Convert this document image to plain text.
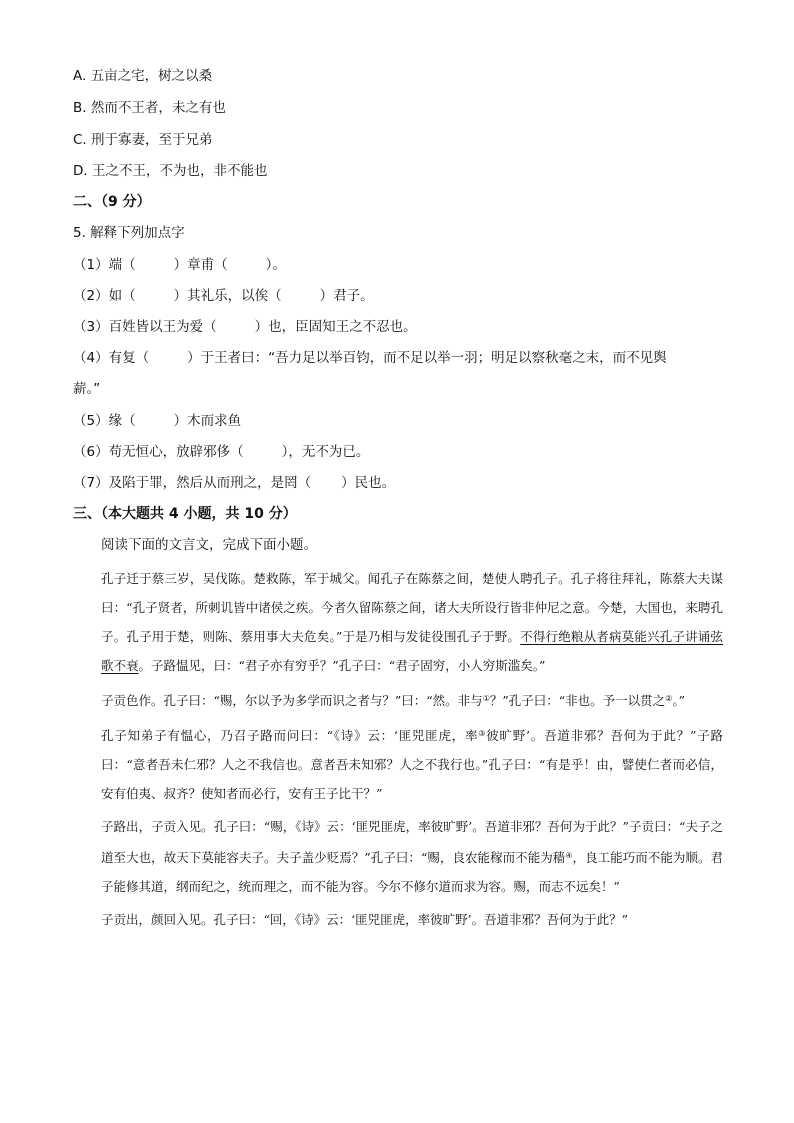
A. 五亩之宅，树之以桑
B. 然而不王者，未之有也
C. 刑于寡妻，至于兄弟
D. 王之不王，不为也，非不能也
二、（9 分）
5. 解释下列加点字
（1）端（	）章甫（	）。
（2）如（	）其礼乐，以俟（	）君子。
（3）百姓皆以王为爱（	）也，臣固知王之不忍也。
（4）有复（	）于王者曰：“吾力足以举百钧，而不足以举一羽；明足以察秋毫之末，而不见舆
薪。”
（5）缘（	）木而求鱼
（6）苟无恒心，放辟邪侈（	），无不为已。
（7）及陷于罪，然后从而刑之，是罔（ ）民也。
三、（本大题共 4 小题，共 10 分）
阅读下面的文言文，完成下面小题。
孔子迁于蔡三岁，吴伐陈。楚救陈，军于城父。闻孔子在陈蔡之间，楚使人聘孔子。孔子将往拜礼，陈蔡大夫谋曰：“孔子贤者，所刺讥皆中诸侯之疾。今者久留陈蔡之间，诸大夫所设行皆非仲尼之意。今楚，大国也，来聘孔子。孔子用于楚，则陈、蔡用事大夫危矣。”于是乃相与发徒役围孔子于野。不得行绝粮从者病莫能兴孔子讲诵弦歌不衰。子路愠见，曰：“君子亦有穷乎？”孔子曰：“君子固穷，小人穷斯滥矣。”
子贡色作。孔子曰：“赐，尔以予为多学而识之者与？”曰：“然。非与①？”孔子曰：“非也。予一以贯之②。”
孔子知弟子有愠心，乃召子路而问曰：“《诗》云：‘匪兕匪虎，率③彼旷野’。吾道非邪？吾何为于此？”子路曰：“意者吾未仁邪？人之不我信也。意者吾未知邪？人之不我行也。”孔子曰：“有是乎！由，譬使仁者而必信，安有伯夷、叔齐？使知者而必行，安有王子比干？”
子路出，子贡入见。孔子曰：“赐，《诗》云：‘匪兕匪虎，率彼旷野’。吾道非邪？吾何为于此？”子贡曰：“夫子之道至大也，故天下莫能容夫子。夫子盖少贬焉？”孔子曰：“赐，良农能稼而不能为穑④，良工能巧而不能为顺。君子能修其道，纲而纪之，统而理之，而不能为容。今尔不修尔道而求为容。赐，而志不远矣！”
子贡出，颜回入见。孔子曰：“回，《诗》云：‘匪兕匪虎，率彼旷野’。吾道非邪？吾何为于此？”
